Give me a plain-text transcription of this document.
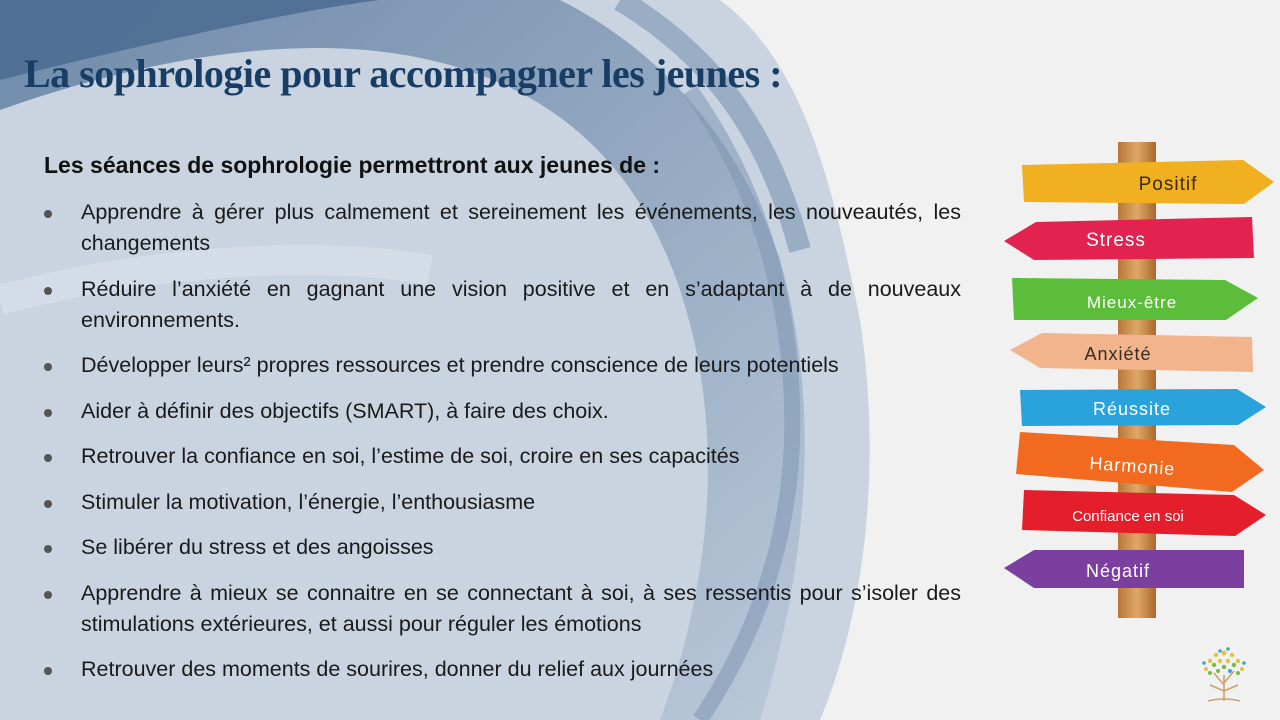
La sophrologie pour accompagner les jeunes :
Les séances de sophrologie permettront aux jeunes de :
Apprendre à gérer plus calmement et sereinement les événements, les nouveautés, les changements
Réduire l’anxiété en gagnant une vision positive et en s’adaptant à de nouveaux environnements.
Développer leurs² propres ressources et prendre conscience de leurs potentiels
Aider à définir des objectifs (SMART), à faire des choix.
Retrouver la confiance en soi, l’estime de soi, croire en ses capacités
Stimuler la motivation, l’énergie, l’enthousiasme
Se libérer du stress et des angoisses
Apprendre à mieux se connaitre en se connectant à soi, à ses ressentis pour s’isoler des stimulations extérieures, et aussi pour réguler les émotions
Retrouver des moments de sourires, donner du relief aux journées
Positif
Stress
Mieux-être
Anxiété
Réussite
Harmonie
Confiance en soi
Négatif
